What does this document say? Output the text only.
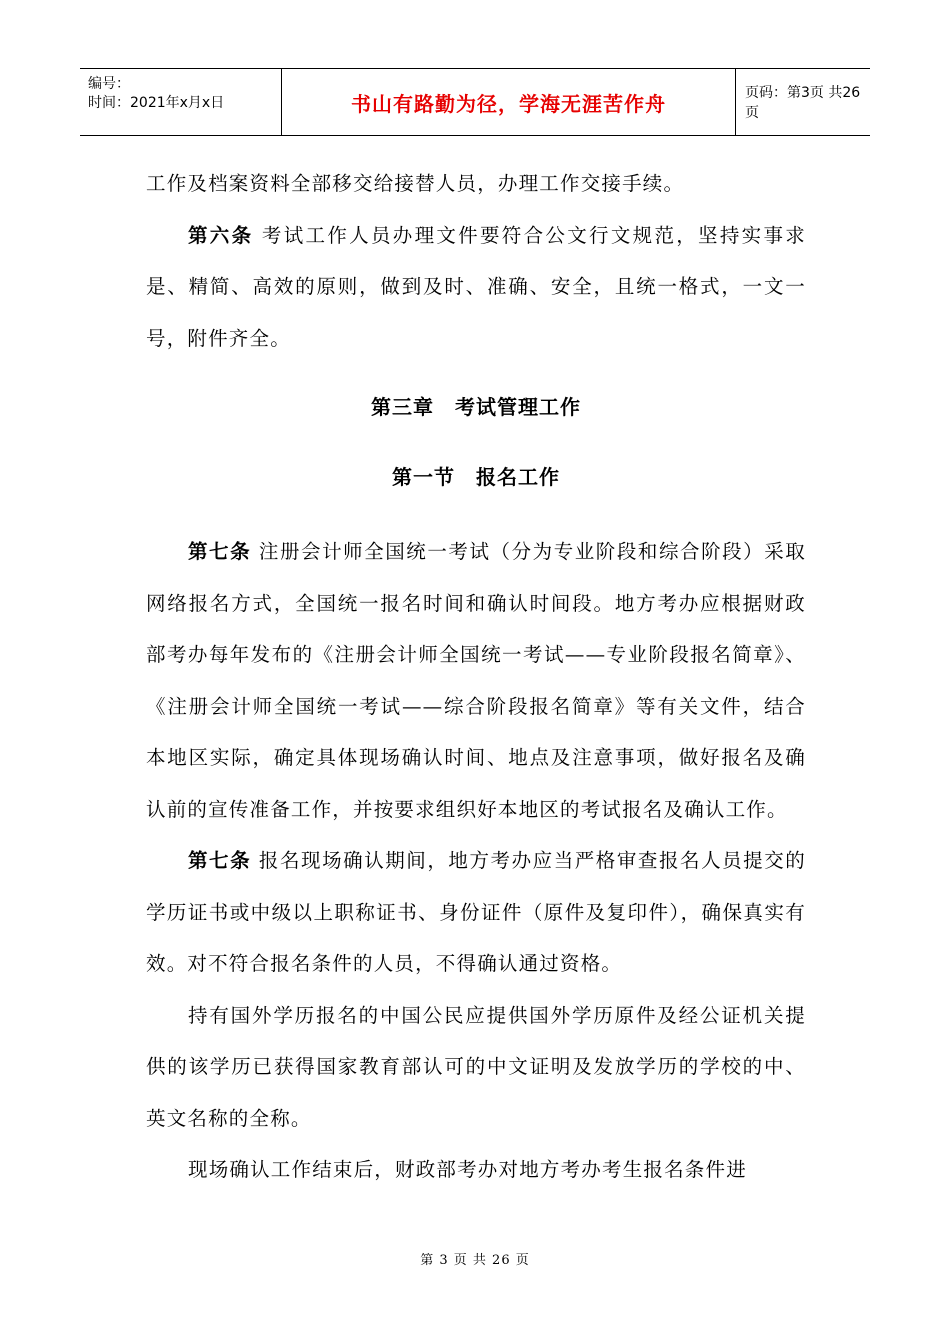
编号：
时间：2021年x月x日	书山有路勤为径，学海无涯苦作舟	页码：第3页 共26页

工作及档案资料全部移交给接替人员，办理工作交接手续。

第六条 考试工作人员办理文件要符合公文行文规范，坚持实事求是、精简、高效的原则，做到及时、准确、安全，且统一格式，一文一号，附件齐全。

第三章　考试管理工作

第一节　报名工作

第七条 注册会计师全国统一考试（分为专业阶段和综合阶段）采取网络报名方式，全国统一报名时间和确认时间段。地方考办应根据财政部考办每年发布的《注册会计师全国统一考试——专业阶段报名简章》、《注册会计师全国统一考试——综合阶段报名简章》等有关文件，结合本地区实际，确定具体现场确认时间、地点及注意事项，做好报名及确认前的宣传准备工作，并按要求组织好本地区的考试报名及确认工作。

第七条 报名现场确认期间，地方考办应当严格审查报名人员提交的学历证书或中级以上职称证书、身份证件（原件及复印件），确保真实有效。对不符合报名条件的人员，不得确认通过资格。

持有国外学历报名的中国公民应提供国外学历原件及经公证机关提供的该学历已获得国家教育部认可的中文证明及发放学历的学校的中、英文名称的全称。

现场确认工作结束后，财政部考办对地方考办考生报名条件进

第 3 页 共 26 页
